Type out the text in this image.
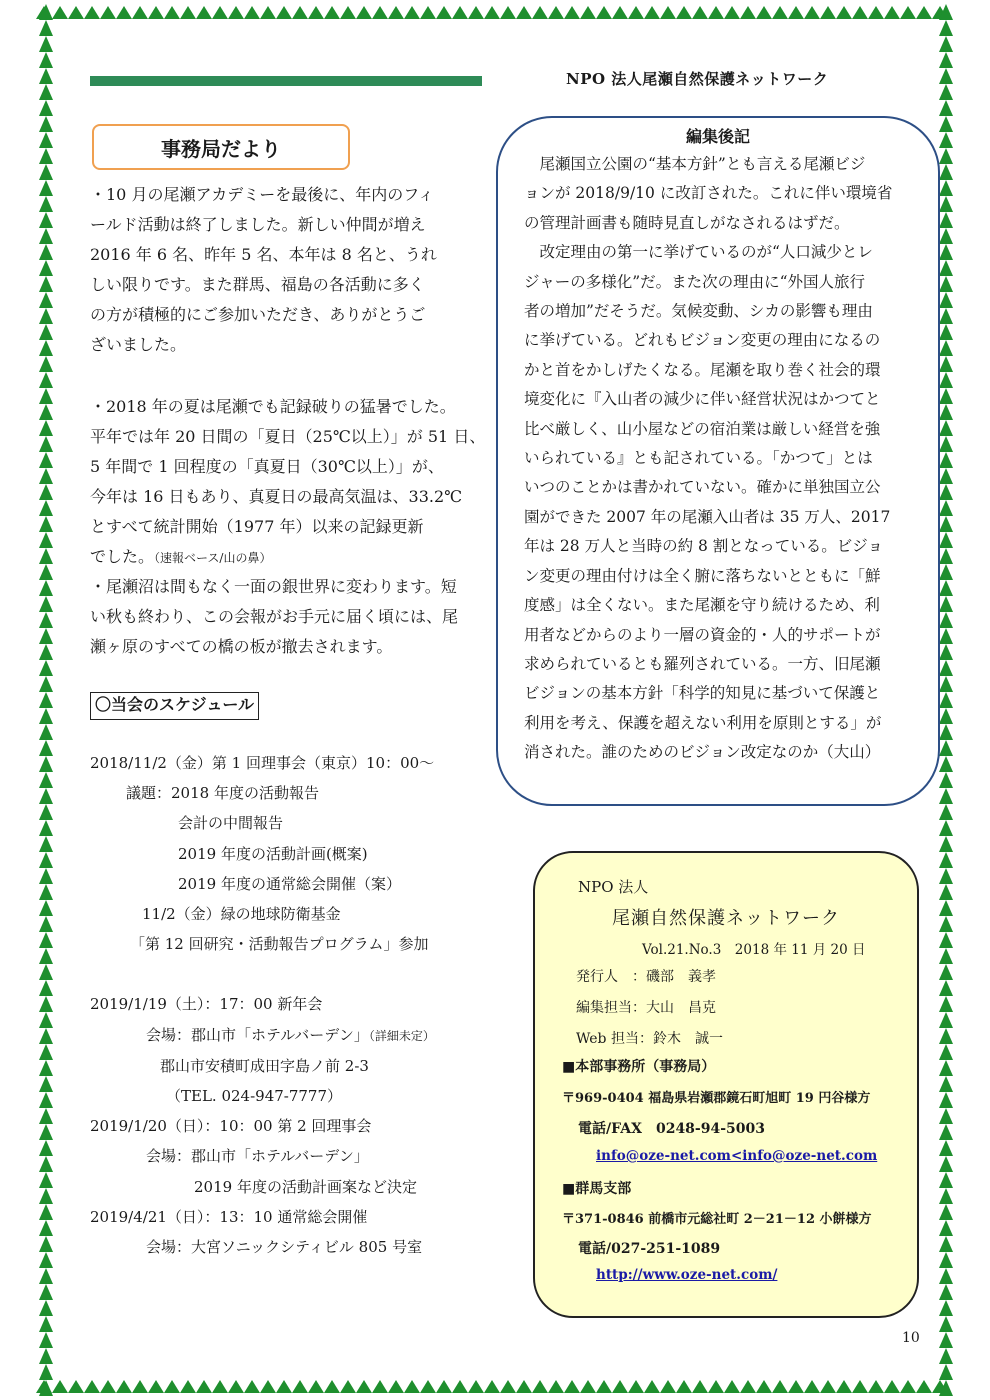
NPO 法人尾瀬自然保護ネットワーク
事務局だより

・10 月の尾瀬アカデミーを最後に、年内のフィ

ールド活動は終了しました。新しい仲間が増え

2016 年 6 名、昨年 5 名、本年は 8 名と、うれ

しい限りです。また群馬、福島の各活動に多く

の方が積極的にご参加いただき、ありがとうご

ざいました。

・2018 年の夏は尾瀬でも記録破りの猛暑でした。

平年では年 20 日間の「夏日（25℃以上）」が 51 日、

5 年間で 1 回程度の「真夏日（30℃以上）」が、

今年は 16 日もあり、真夏日の最高気温は、33.2℃

とすべて統計開始（1977 年）以来の記録更新

でした。（速報ベース/山の鼻）

・尾瀬沼は間もなく一面の銀世界に変わります。短

い秋も終わり、この会報がお手元に届く頃には、尾

瀬ヶ原のすべての橋の板が撤去されます。

〇当会のスケジュール
2018/11/2（金）第 1 回理事会（東京）10：00～
議題：2018 年度の活動報告
会計の中間報告
2019 年度の活動計画(概案)
2019 年度の通常総会開催（案）
11/2（金）緑の地球防衛基金
「第 12 回研究・活動報告プログラム」参加
2019/1/19（土）：17：00 新年会
会場：郡山市「ホテルバーデン」（詳細未定）
郡山市安積町成田字島ノ前 2-3
（TEL. 024-947-7777）
2019/1/20（日）：10：00 第 2 回理事会
会場：郡山市「ホテルバーデン」
2019 年度の活動計画案など決定
2019/4/21（日）：13：10 通常総会開催
会場：大宮ソニックシティビル 805 号室
編集後記

尾瀬国立公園の“基本方針”とも言える尾瀬ビジ

ョンが 2018/9/10 に改訂された。これに伴い環境省

の管理計画書も随時見直しがなされるはずだ。

改定理由の第一に挙げているのが“人口減少とレ

ジャーの多様化”だ。また次の理由に“外国人旅行

者の増加”だそうだ。気候変動、シカの影響も理由

に挙げている。どれもビジョン変更の理由になるの

かと首をかしげたくなる。尾瀬を取り巻く社会的環

境変化に『入山者の減少に伴い経営状況はかつてと

比べ厳しく、山小屋などの宿泊業は厳しい経営を強

いられている』とも記されている。「かつて」とは

いつのことかは書かれていない。確かに単独国立公

園ができた 2007 年の尾瀬入山者は 35 万人、2017

年は 28 万人と当時の約 8 割となっている。ビジョ

ン変更の理由付けは全く腑に落ちないとともに「鮮

度感」は全くない。また尾瀬を守り続けるため、利

用者などからのより一層の資金的・人的サポートが

求められているとも羅列されている。一方、旧尾瀬

ビジョンの基本方針「科学的知見に基づいて保護と

利用を考え、保護を超えない利用を原則とする」が

消された。誰のためのビジョン改定なのか（大山）

NPO 法人
尾瀬自然保護ネットワーク
Vol.21.No.3　2018 年 11 月 20 日
発行人　：磯部　義孝
編集担当：大山　昌克
Web 担当：鈴木　誠一
■本部事務所（事務局）
〒969-0404 福島県岩瀬郡鏡石町旭町 19 円谷様方
電話/FAX　0248-94-5003
info@oze-net.com<info@oze-net.com
■群馬支部
〒371-0846 前橋市元総社町 2－21－12 小餅様方
電話/027-251-1089
http://www.oze-net.com/
10
